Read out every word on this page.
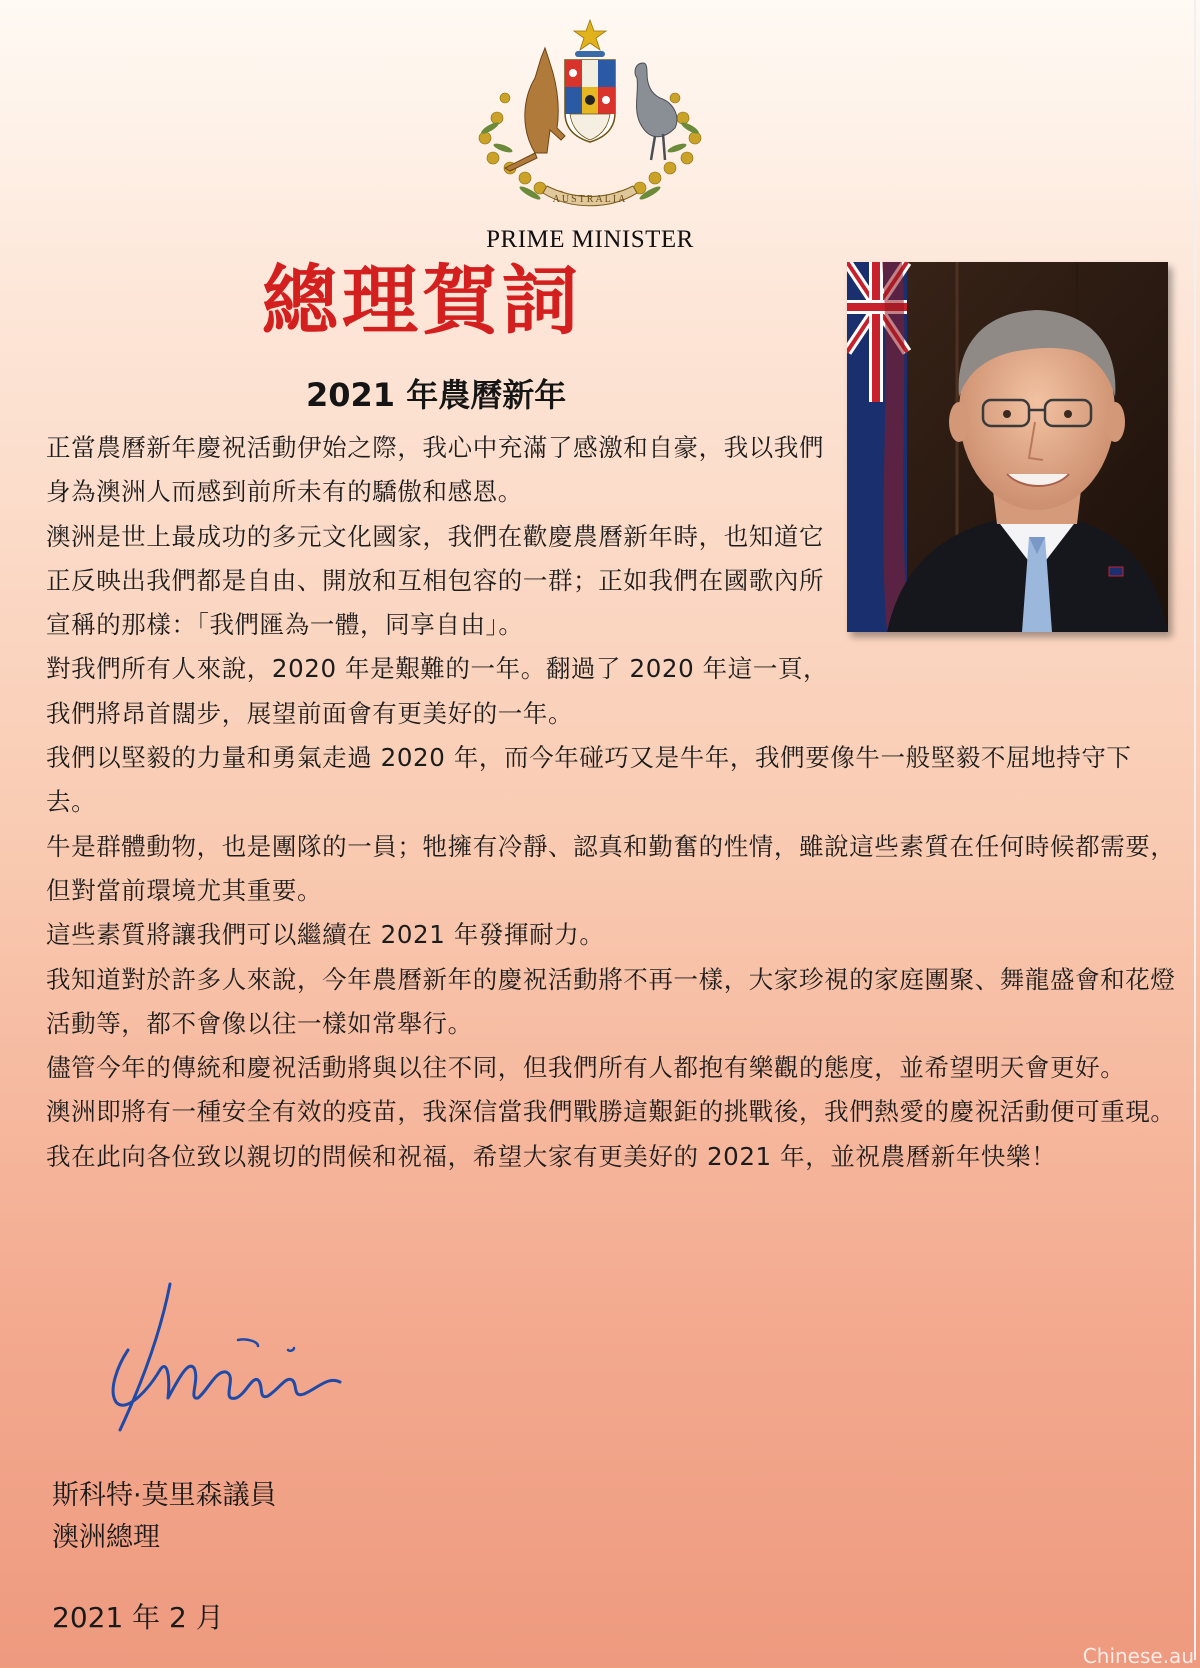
AUSTRALIA
PRIME MINISTER
總理賀詞
2021 年農曆新年

正當農曆新年慶祝活動伊始之際，我心中充滿了感激和自豪，我以我們身為澳洲人而感到前所未有的驕傲和感恩。

澳洲是世上最成功的多元文化國家，我們在歡慶農曆新年時，也知道它正反映出我們都是自由、開放和互相包容的一群；正如我們在國歌內所宣稱的那樣：「我們匯為一體，同享自由」。

對我們所有人來說，2020 年是艱難的一年。翻過了 2020 年這一頁，我們將昂首闊步，展望前面會有更美好的一年。

我們以堅毅的力量和勇氣走過 2020 年，而今年碰巧又是牛年，我們要像牛一般堅毅不屈地持守下去。

牛是群體動物，也是團隊的一員；牠擁有冷靜、認真和勤奮的性情，雖說這些素質在任何時候都需要，但對當前環境尤其重要。

這些素質將讓我們可以繼續在 2021 年發揮耐力。

我知道對於許多人來說，今年農曆新年的慶祝活動將不再一樣，大家珍視的家庭團聚、舞龍盛會和花燈活動等，都不會像以往一樣如常舉行。

儘管今年的傳統和慶祝活動將與以往不同，但我們所有人都抱有樂觀的態度，並希望明天會更好。

澳洲即將有一種安全有效的疫苗，我深信當我們戰勝這艱鉅的挑戰後，我們熱愛的慶祝活動便可重現。

我在此向各位致以親切的問候和祝福，希望大家有更美好的 2021 年，並祝農曆新年快樂！

斯科特·莫里森議員
澳洲總理
2021 年 2 月
Chinese.au
